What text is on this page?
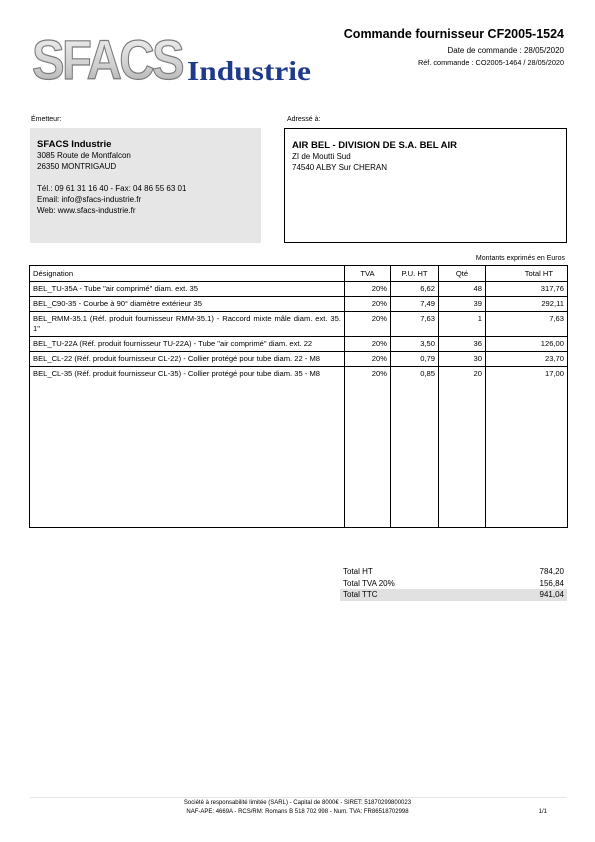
SFACS Industrie
Commande fournisseur CF2005-1524
Date de commande : 28/05/2020
Réf. commande : CO2005-1464 / 28/05/2020
Émetteur:	Adressé à:
SFACS Industrie
3085 Route de Montfalcon
26350 MONTRIGAUD
Tél.: 09 61 31 16 40 - Fax: 04 86 55 63 01
Email: info@sfacs-industrie.fr
Web: www.sfacs-industrie.fr
AIR BEL - DIVISION DE S.A. BEL AIR
ZI de Moutti Sud
74540 ALBY Sur CHERAN
Montants exprimés en Euros
Désignation	TVA	P.U. HT	Qté	Total HT
BEL_TU-35A - Tube "air comprimé" diam. ext. 35	20%	6,62	48	317,76
BEL_C90-35 - Courbe à 90° diamètre extérieur 35	20%	7,49	39	292,11
BEL_RMM-35.1 (Réf. produit fournisseur RMM-35.1) - Raccord mixte mâle diam. ext. 35. 1"	20%	7,63	1	7,63
BEL_TU-22A (Réf. produit fournisseur TU-22A) - Tube "air comprimé" diam. ext. 22	20%	3,50	36	126,00
BEL_CL-22 (Réf. produit fournisseur CL-22) - Collier protégé pour tube diam. 22 - M8	20%	0,79	30	23,70
BEL_CL-35 (Réf. produit fournisseur CL-35) - Collier protégé pour tube diam. 35 - M8	20%	0,85	20	17,00
Total HT	784,20
Total TVA 20%	156,84
Total TTC	941,04
Société à responsabilité limitée (SARL) - Capital de 8000€ - SIRET: 51870299800023
NAF-APE: 4669A - RCS/RM: Romans B 518 702 998 - Num. TVA: FR86518702998	1/1
